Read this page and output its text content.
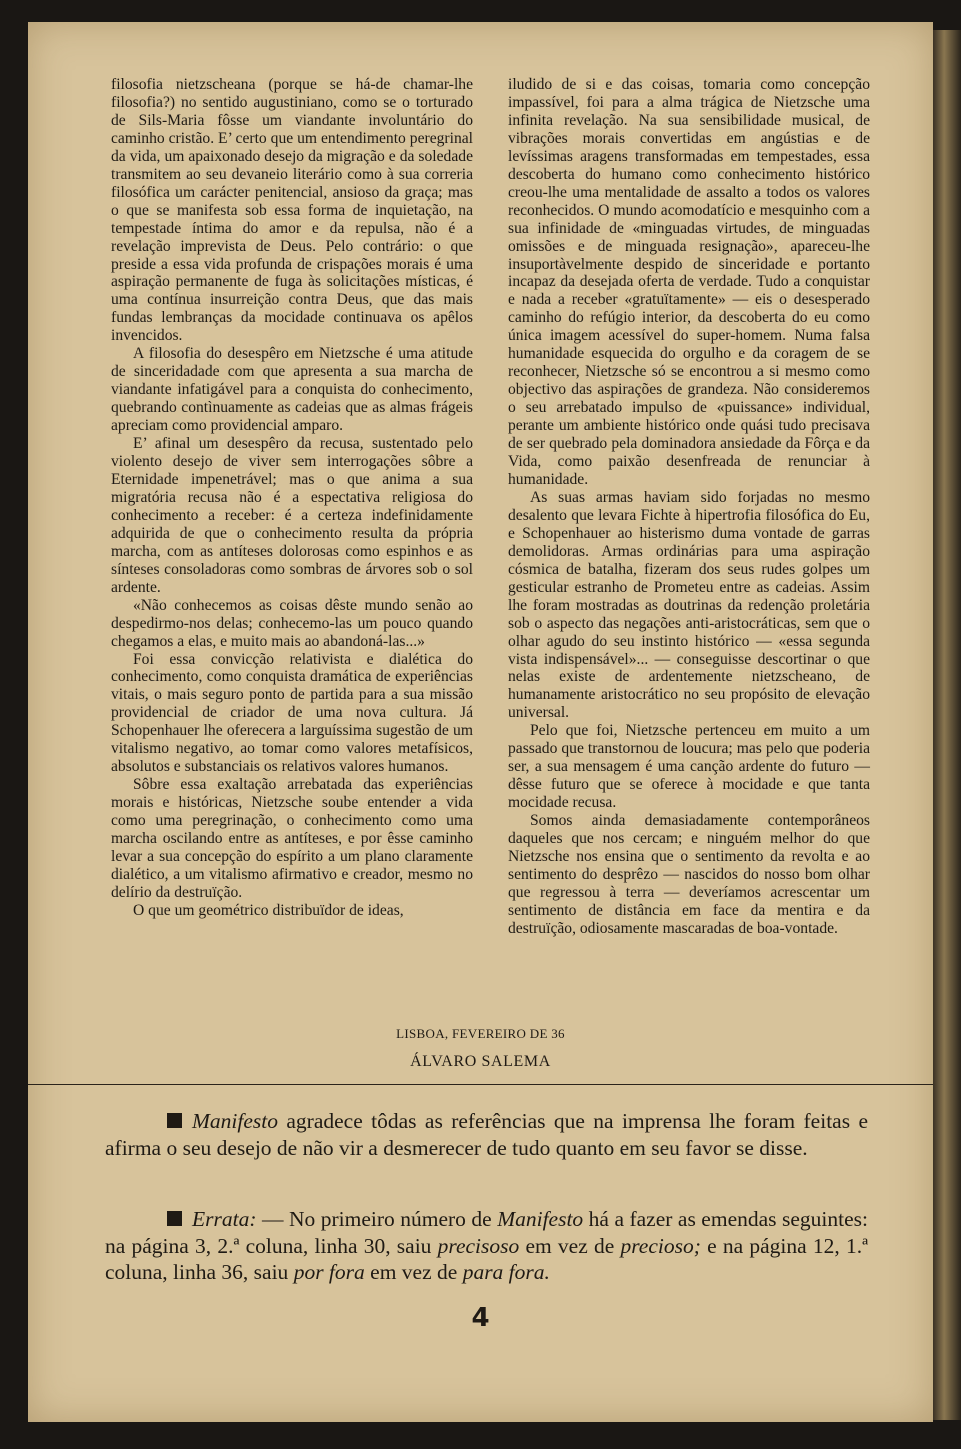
filosofia nietzscheana (porque se há-de chamar-lhe filosofia?) no sentido augustiniano, como se o torturado de Sils-Maria fôsse um viandante involuntário do caminho cristão. E’ certo que um entendimento peregrinal da vida, um apaixonado desejo da migração e da soledade transmitem ao seu devaneio literário como à sua correria filosófica um carácter penitencial, ansioso da graça; mas o que se manifesta sob essa forma de inquietação, na tempestade íntima do amor e da repulsa, não é a revelação imprevista de Deus. Pelo contrário: o que preside a essa vida profunda de crispações morais é uma aspiração permanente de fuga às solicitações místicas, é uma contínua insurreição contra Deus, que das mais fundas lembranças da mocidade continuava os apêlos invencidos.

A filosofia do desespêro em Nietzsche é uma atitude de sinceridadade com que apresenta a sua marcha de viandante infatigável para a conquista do conhecimento, quebrando contìnuamente as cadeias que as almas frágeis apreciam como providencial amparo.

E’ afinal um desespêro da recusa, sustentado pelo violento desejo de viver sem interrogações sôbre a Eternidade impenetrável; mas o que anima a sua migratória recusa não é a espectativa religiosa do conhecimento a receber: é a certeza indefinidamente adquirida de que o conhecimento resulta da própria marcha, com as antíteses dolorosas como espinhos e as sínteses consoladoras como sombras de árvores sob o sol ardente.

«Não conhecemos as coisas dêste mundo senão ao despedirmo-nos delas; conhecemo-las um pouco quando chegamos a elas, e muito mais ao abandoná-las...»

Foi essa convicção relativista e dialética do conhecimento, como conquista dramática de experiências vitais, o mais seguro ponto de partida para a sua missão providencial de criador de uma nova cultura. Já Schopenhauer lhe oferecera a larguíssima sugestão de um vitalismo negativo, ao tomar como valores metafísicos, absolutos e substanciais os relativos valores humanos.

Sôbre essa exaltação arrebatada das experiências morais e históricas, Nietzsche soube entender a vida como uma peregrinação, o conhecimento como uma marcha oscilando entre as antíteses, e por êsse caminho levar a sua concepção do espírito a um plano claramente dialético, a um vitalismo afirmativo e creador, mesmo no delírio da destruïção.

O que um geométrico distribuïdor de ideas,

iludido de si e das coisas, tomaria como concepção impassível, foi para a alma trágica de Nietzsche uma infinita revelação. Na sua sensibilidade musical, de vibrações morais convertidas em angústias e de levíssimas aragens transformadas em tempestades, essa descoberta do humano como conhecimento histórico creou-lhe uma mentalidade de assalto a todos os valores reconhecidos. O mundo acomodatício e mesquinho com a sua infinidade de «minguadas virtudes, de minguadas omissões e de minguada resignação», apareceu-lhe insuportàvelmente despido de sinceridade e portanto incapaz da desejada oferta de verdade. Tudo a conquistar e nada a receber «gratuïtamente» — eis o desesperado caminho do refúgio interior, da descoberta do eu como única imagem acessível do super-homem. Numa falsa humanidade esquecida do orgulho e da coragem de se reconhecer, Nietzsche só se encontrou a si mesmo como objectivo das aspirações de grandeza. Não consideremos o seu arrebatado impulso de «puissance» individual, perante um ambiente histórico onde quási tudo precisava de ser quebrado pela dominadora ansiedade da Fôrça e da Vida, como paixão desenfreada de renunciar à humanidade.

As suas armas haviam sido forjadas no mesmo desalento que levara Fichte à hipertrofia filosófica do Eu, e Schopenhauer ao histerismo duma vontade de garras demolidoras. Armas ordinárias para uma aspiração cósmica de batalha, fizeram dos seus rudes golpes um gesticular estranho de Prometeu entre as cadeias. Assim lhe foram mostradas as doutrinas da redenção proletária sob o aspecto das negações anti-aristocráticas, sem que o olhar agudo do seu instinto histórico — «essa segunda vista indispensável»... — conseguisse descortinar o que nelas existe de ardentemente nietzscheano, de humanamente aristocrático no seu propósito de elevação universal.

Pelo que foi, Nietzsche pertenceu em muito a um passado que transtornou de loucura; mas pelo que poderia ser, a sua mensagem é uma canção ardente do futuro — dêsse futuro que se oferece à mocidade e que tanta mocidade recusa.

Somos ainda demasiadamente contemporâneos daqueles que nos cercam; e ninguém melhor do que Nietzsche nos ensina que o sentimento da revolta e ao sentimento do desprêzo — nascidos do nosso bom olhar que regressou à terra — deveríamos acrescentar um sentimento de distância em face da mentira e da destruïção, odiosamente mascaradas de boa-vontade.

LISBOA, FEVEREIRO DE 36
ÁLVARO SALEMA
Manifesto agradece tôdas as referências que na imprensa lhe foram feitas e afirma o seu desejo de não vir a desmerecer de tudo quanto em seu favor se disse.
Errata: — No primeiro número de Manifesto há a fazer as emendas seguintes: na página 3, 2.ª coluna, linha 30, saiu precisoso em vez de precioso; e na página 12, 1.ª coluna, linha 36, saiu por fora em vez de para fora.
4
